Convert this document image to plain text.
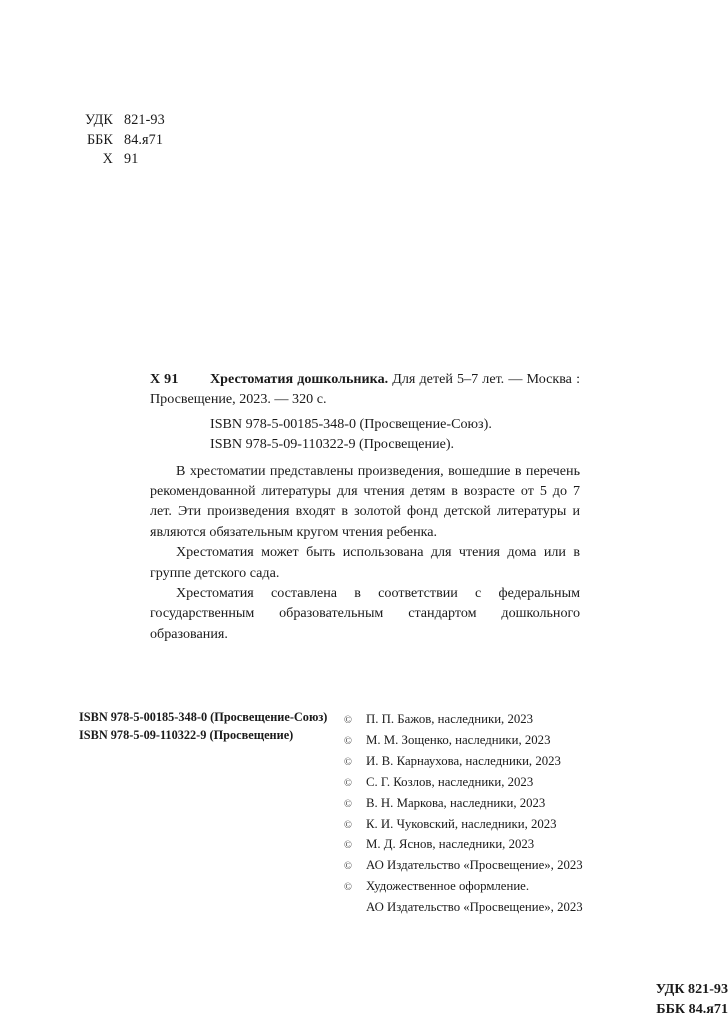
УДК 821-93
ББК 84.я71
Х 91
Х 91 Хрестоматия дошкольника. Для детей 5–7 лет. — Москва : Просвещение, 2023. — 320 с.
ISBN 978-5-00185-348-0 (Просвещение-Союз).
ISBN 978-5-09-110322-9 (Просвещение).

В хрестоматии представлены произведения, вошедшие в перечень рекомендованной литературы для чтения детям в возрасте от 5 до 7 лет. Эти произведения входят в золотой фонд детской литературы и являются обязательным кругом чтения ребенка.

Хрестоматия может быть использована для чтения дома или в группе детского сада.

Хрестоматия составлена в соответствии с федеральным государственным образовательным стандартом дошкольного образования.

УДК 821-93
ББК 84.я71
ISBN 978-5-00185-348-0 (Просвещение-Союз)
ISBN 978-5-09-110322-9 (Просвещение)
©	П. П. Бажов, наследники, 2023
©	М. М. Зощенко, наследники, 2023
©	И. В. Карнаухова, наследники, 2023
©	С. Г. Козлов, наследники, 2023
©	В. Н. Маркова, наследники, 2023
©	К. И. Чуковский, наследники, 2023
©	М. Д. Яснов, наследники, 2023
©	АО Издательство «Просвещение», 2023
©	Художественное оформление.
АО Издательство «Просвещение», 2023
